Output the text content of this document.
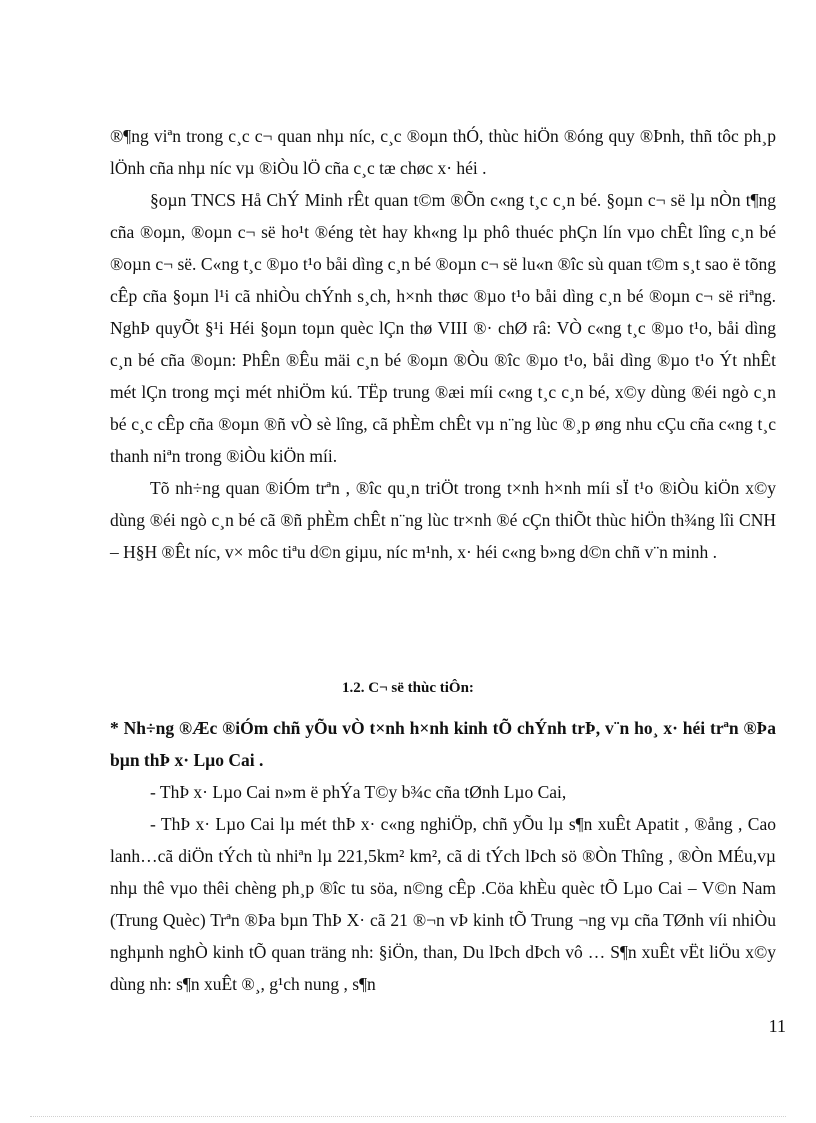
®¶ng viªn trong c¸c c¬ quan nhµ níc, c¸c ®oµn thÓ, thùc hiÖn ®óng quy ®Þnh, thñ tôc ph¸p lÖnh cña nhµ níc vµ ®iÒu lÖ cña c¸c tæ chøc x· héi .

§oµn TNCS Hå ChÝ Minh rÊt quan t©m ®Õn c«ng t¸c c¸n bé. §oµn c¬ së lµ nÒn t¶ng cña ®oµn, ®oµn c¬ së ho¹t ®éng tèt hay kh«ng lµ phô thuéc phÇn lín vµo chÊt lîng c¸n bé ®oµn c¬ së. C«ng t¸c ®µo t¹o båi dìng c¸n bé ®oµn c¬ së lu«n ®îc sù quan t©m s¸t sao ë tõng cÊp cña §oµn l¹i cã nhiÒu chÝnh s¸ch, h×nh thøc ®µo t¹o båi dìng c¸n bé ®oµn c¬ së riªng. NghÞ quyÕt §¹i Héi §oµn toµn quèc lÇn thø VIII ®· chØ râ: VÒ c«ng t¸c ®µo t¹o, båi dìng c¸n bé cña ®oµn: PhÊn ®Êu mäi c¸n bé ®oµn ®Òu ®îc ®µo t¹o, båi dìng ®µo t¹o Ýt nhÊt mét lÇn trong mçi mét nhiÖm kú. TËp trung ®æi míi c«ng t¸c c¸n bé, x©y dùng ®éi ngò c¸n bé c¸c cÊp cña ®oµn ®ñ vÒ sè lîng, cã phÈm chÊt vµ n¨ng lùc ®¸p øng nhu cÇu cña c«ng t¸c thanh niªn trong ®iÒu kiÖn míi.

Tõ nh÷ng quan ®iÓm trªn , ®îc qu¸n triÖt trong t×nh h×nh míi sÏ t¹o ®iÒu kiÖn x©y dùng ®éi ngò c¸n bé cã ®ñ phÈm chÊt n¨ng lùc tr×nh ®é cÇn thiÕt thùc hiÖn th¾ng lîi CNH – H§H ®Êt níc, v× môc tiªu d©n giµu, níc m¹nh, x· héi c«ng b»ng d©n chñ v¨n minh .

1.2. C¬ së thùc tiÔn:

* Nh÷ng ®Æc ®iÓm chñ yÕu vÒ t×nh h×nh kinh tÕ chÝnh trÞ, v¨n ho¸ x· héi trªn ®Þa bµn thÞ x· Lµo Cai .

- ThÞ x· Lµo Cai n»m ë phÝa T©y b¾c cña tØnh Lµo Cai,

- ThÞ x· Lµo Cai lµ mét thÞ x· c«ng nghiÖp, chñ yÕu lµ s¶n xuÊt Apatit , ®ång , Cao lanh…cã diÖn tÝch tù nhiªn lµ 221,5km² km², cã di tÝch lÞch sö ®Òn Thîng , ®Òn MÉu,vµ nhµ thê vµo thêi chèng ph¸p ®îc tu söa, n©ng cÊp .Cöa khÈu quèc tÕ Lµo Cai – V©n Nam (Trung Quèc) Trªn ®Þa bµn ThÞ X· cã 21 ®¬n vÞ kinh tÕ Trung ¬ng vµ cña TØnh víi nhiÒu nghµnh nghÒ kinh tÕ quan träng nh: §iÖn, than, Du lÞch dÞch vô … S¶n xuÊt vËt liÖu x©y dùng nh: s¶n xuÊt ®¸, g¹ch nung , s¶n

11
